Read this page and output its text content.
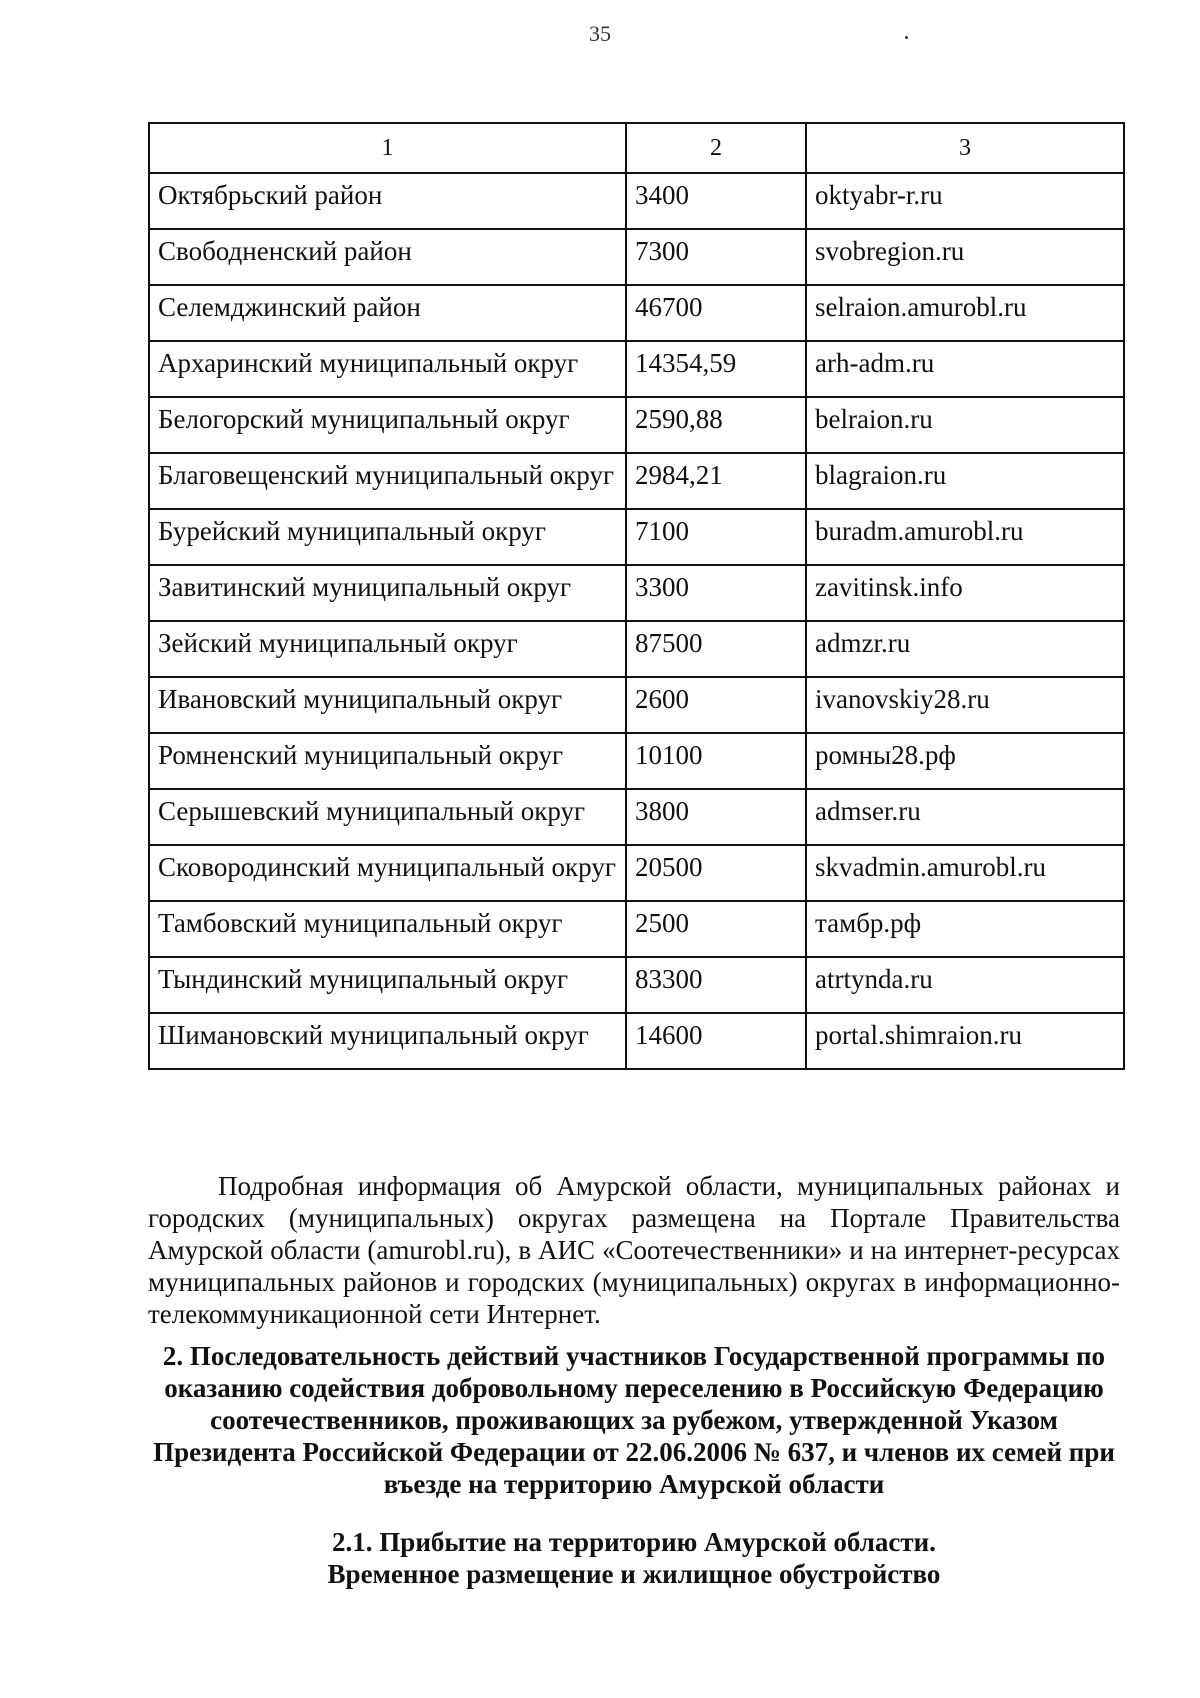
35
1	2	3
Октябрьский район	3400	oktyabr-r.ru
Свободненский район	7300	svobregion.ru
Селемджинский район	46700	selraion.amurobl.ru
Архаринский муниципальный округ	14354,59	arh-adm.ru
Белогорский муниципальный округ	2590,88	belraion.ru
Благовещенский муниципальный округ	2984,21	blagraion.ru
Бурейский муниципальный округ	7100	buradm.amurobl.ru
Завитинский муниципальный округ	3300	zavitinsk.info
Зейский муниципальный округ	87500	admzr.ru
Ивановский муниципальный округ	2600	ivanovskiy28.ru
Ромненский муниципальный округ	10100	ромны28.рф
Серышевский муниципальный округ	3800	admser.ru
Сковородинский муниципальный округ	20500	skvadmin.amurobl.ru
Тамбовский муниципальный округ	2500	тамбр.рф
Тындинский муниципальный округ	83300	atrtynda.ru
Шимановский муниципальный округ	14600	portal.shimraion.ru

Подробная информация об Амурской области, муниципальных районах и городских (муниципальных) округах размещена на Портале Правительства Амурской области (amurobl.ru), в АИС «Соотечественники» и на интернет-ресурсах муниципальных районов и городских (муниципальных) округах в информационно-телекоммуникационной сети Интернет.

2. Последовательность действий участников Государственной программы по оказанию содействия добровольному переселению в Российскую Федерацию соотечественников, проживающих за рубежом, утвержденной Указом Президента Российской Федерации от 22.06.2006 № 637, и членов их семей при въезде на территорию Амурской области
2.1. Прибытие на территорию Амурской области.
Временное размещение и жилищное обустройство
